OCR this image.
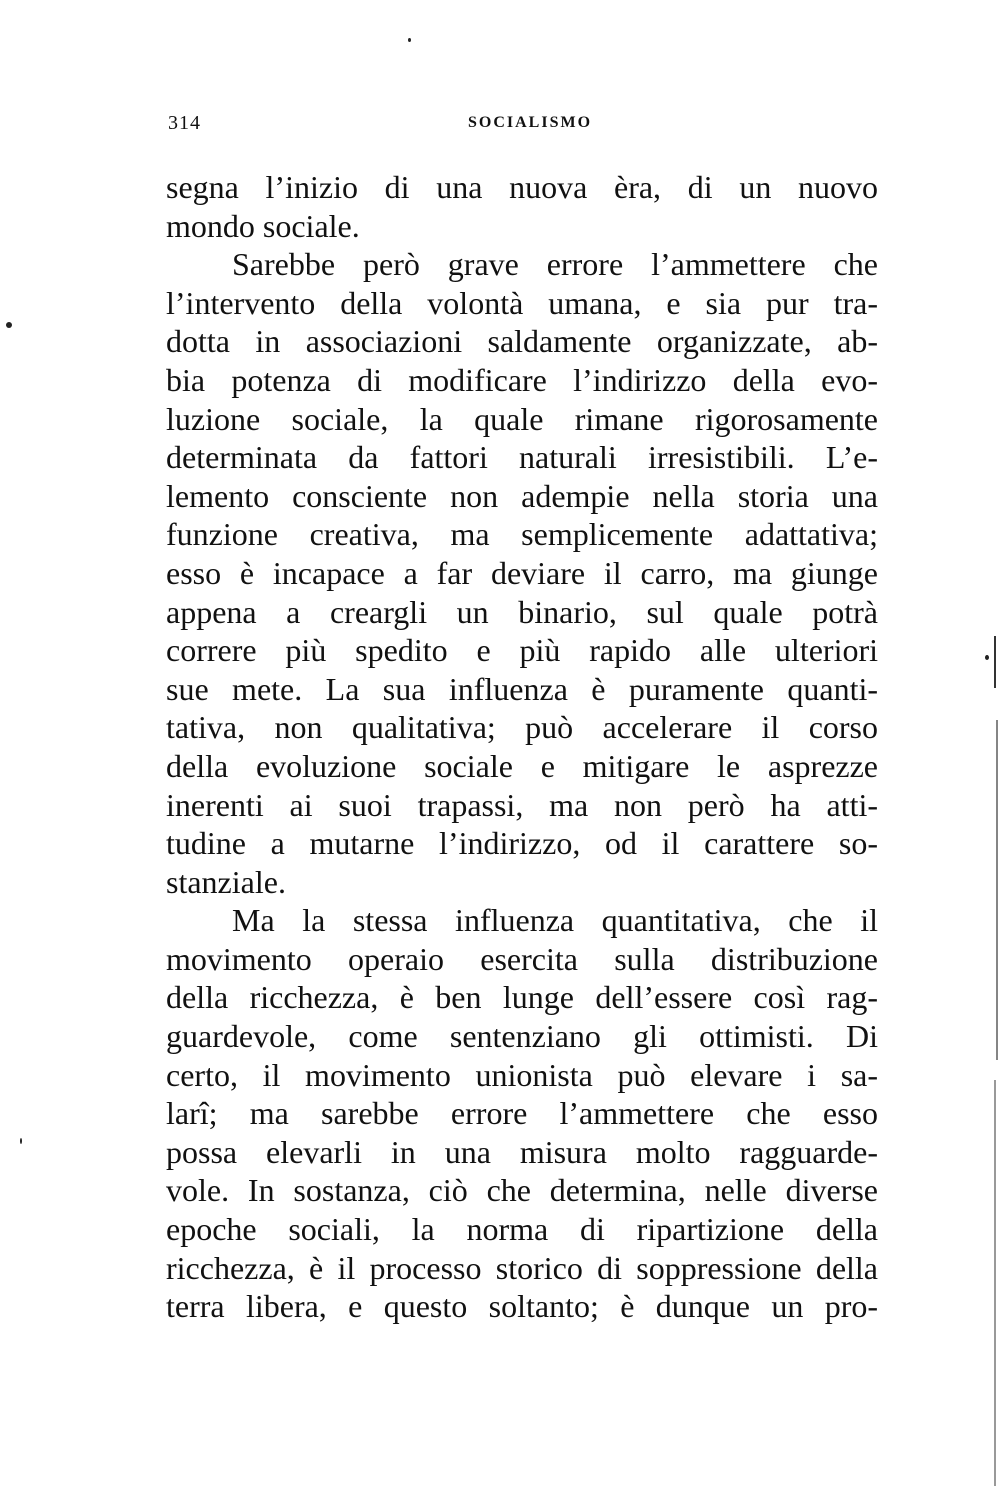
314	SOCIALISMO
segna l’inizio di una nuova èra, di un nuovo
mondo sociale.
Sarebbe però grave errore l’ammettere che
l’intervento della volontà umana, e sia pur tra-
dotta in associazioni saldamente organizzate, ab-
bia potenza di modificare l’indirizzo della evo-
luzione sociale, la quale rimane rigorosamente
determinata da fattori naturali irresistibili. L’e-
lemento consciente non adempie nella storia una
funzione creativa, ma semplicemente adattativa;
esso è incapace a far deviare il carro, ma giunge
appena a creargli un binario, sul quale potrà
correre più spedito e più rapido alle ulteriori
sue mete. La sua influenza è puramente quanti-
tativa, non qualitativa; può accelerare il corso
della evoluzione sociale e mitigare le asprezze
inerenti ai suoi trapassi, ma non però ha atti-
tudine a mutarne l’indirizzo, od il carattere so-
stanziale.
Ma la stessa influenza quantitativa, che il
movimento operaio esercita sulla distribuzione
della ricchezza, è ben lunge dell’essere così rag-
guardevole, come sentenziano gli ottimisti. Di
certo, il movimento unionista può elevare i sa-
larî; ma sarebbe errore l’ammettere che esso
possa elevarli in una misura molto ragguarde-
vole. In sostanza, ciò che determina, nelle diverse
epoche sociali, la norma di ripartizione della
ricchezza, è il processo storico di soppressione della
terra libera, e questo soltanto; è dunque un pro-
